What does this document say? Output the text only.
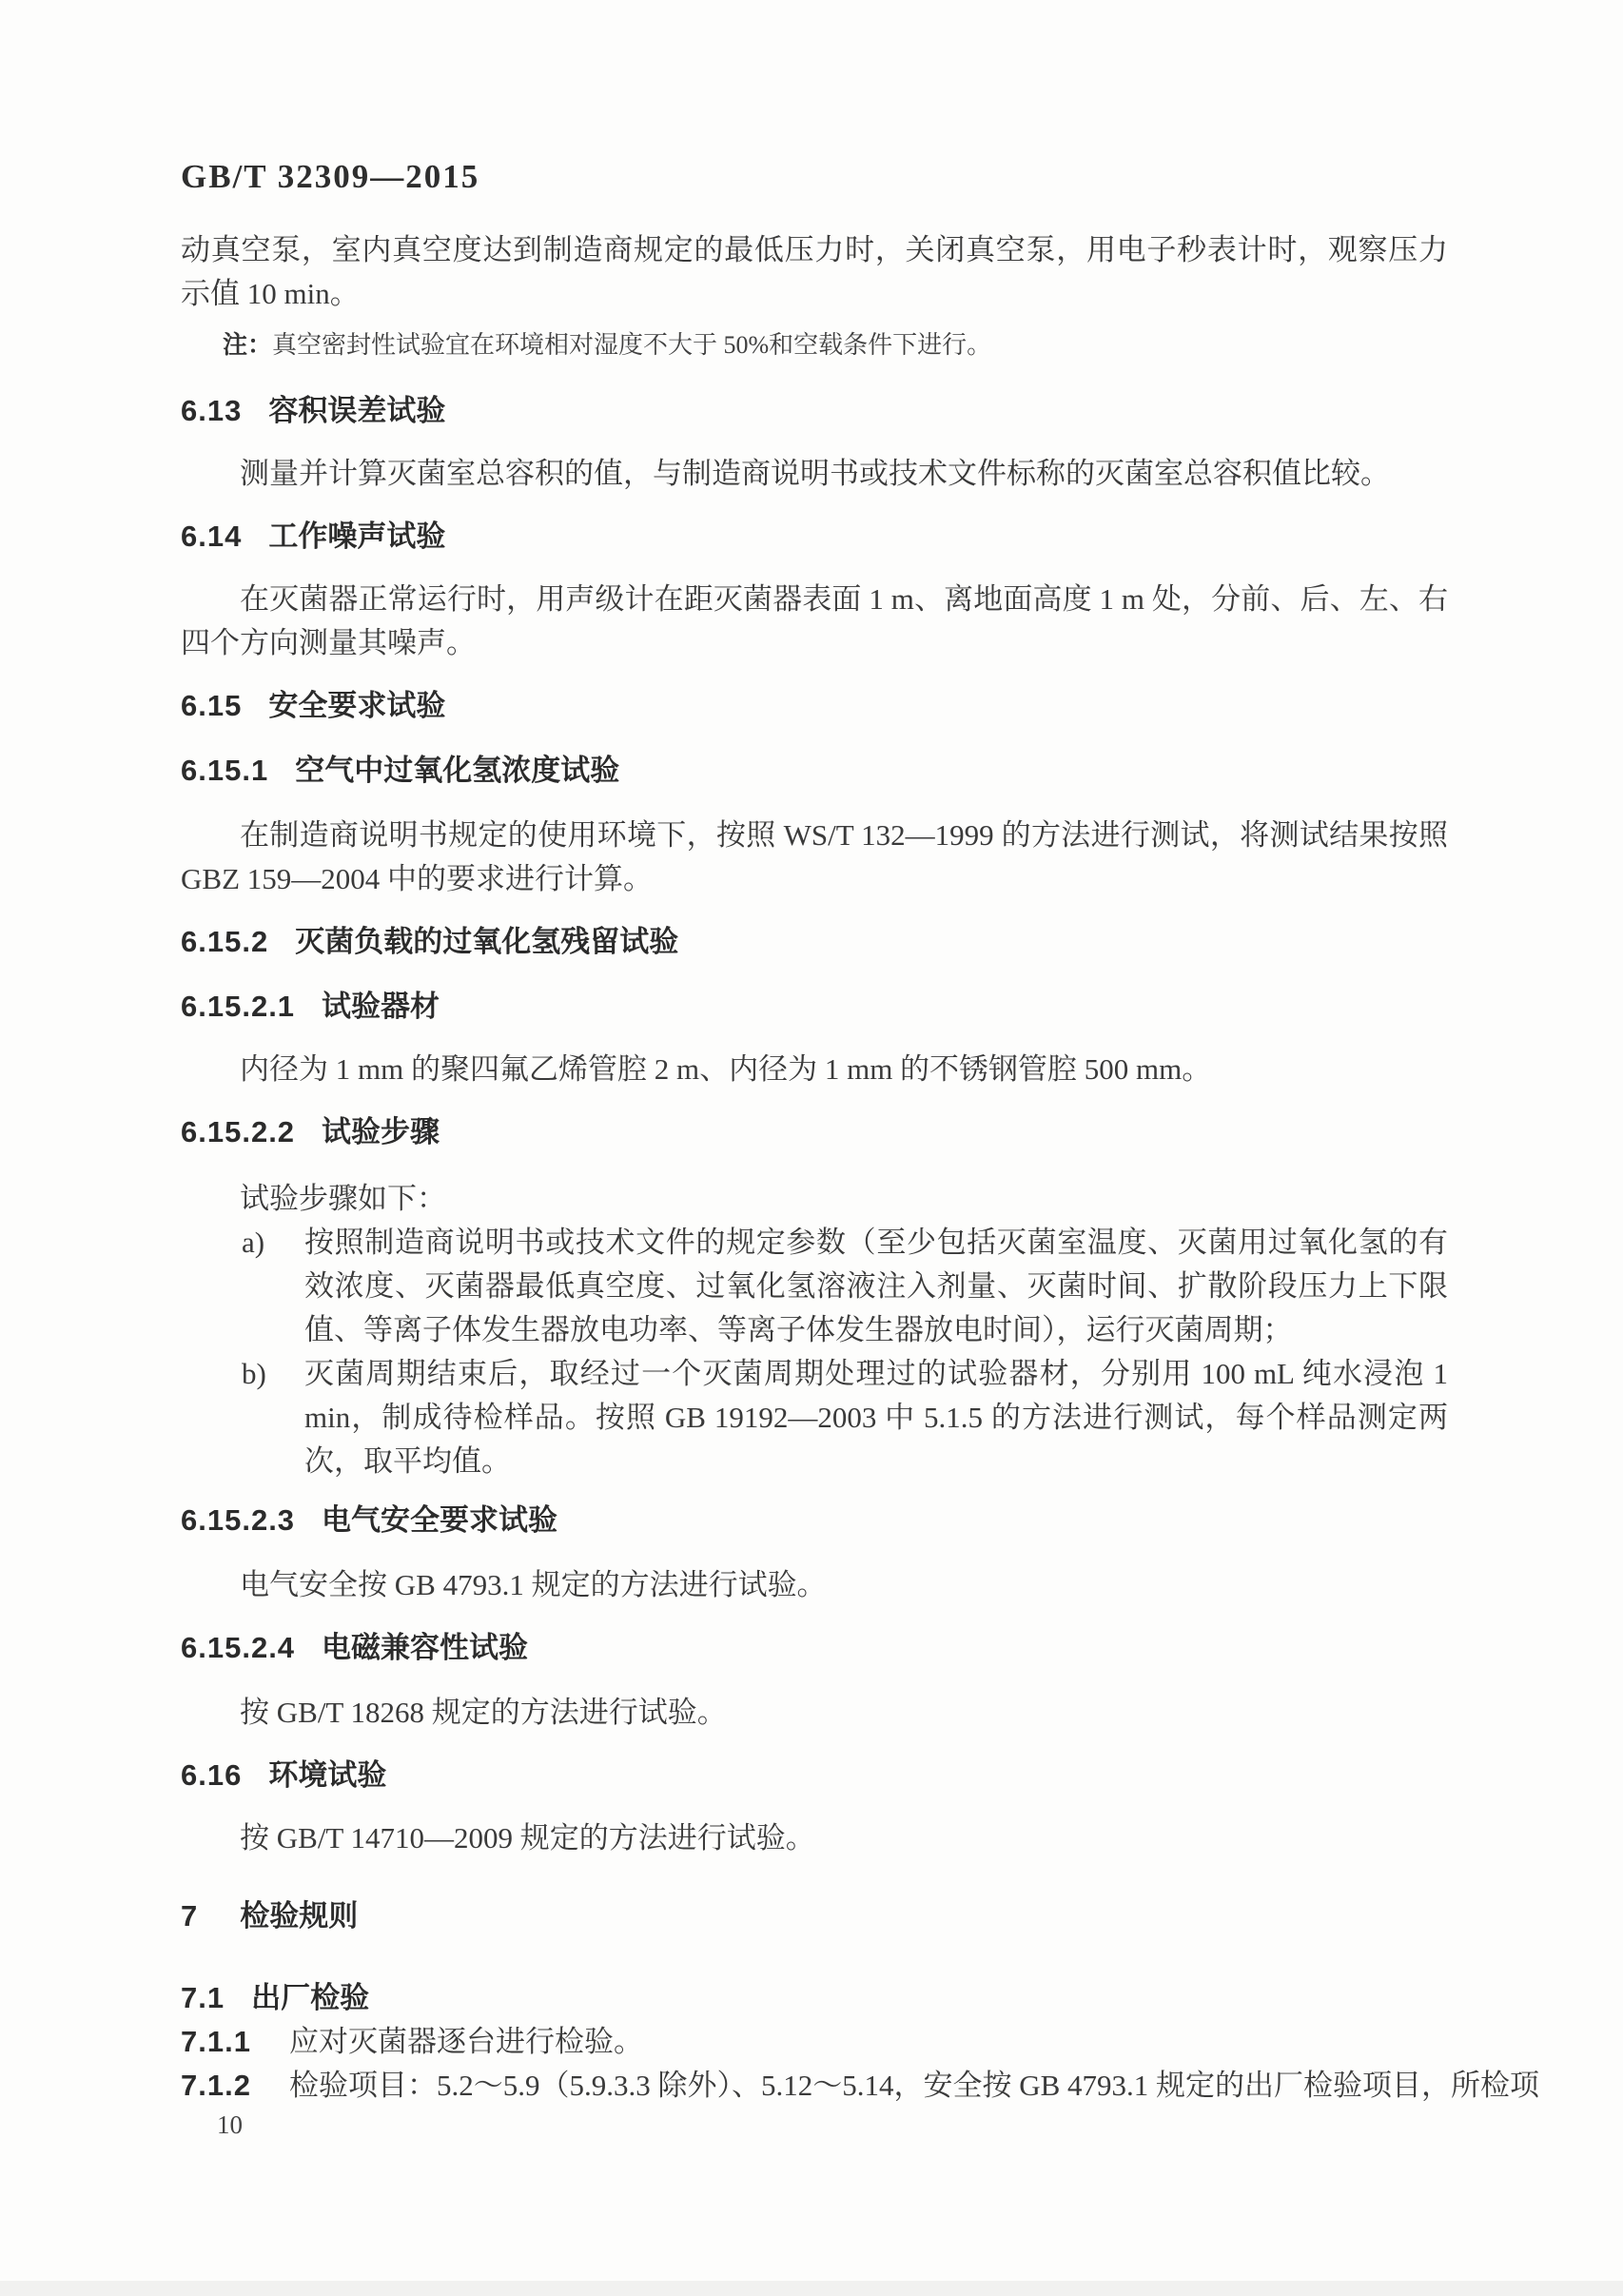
GB/T 32309—2015

动真空泵，室内真空度达到制造商规定的最低压力时，关闭真空泵，用电子秒表计时，观察压力示值 10 min。

注：真空密封性试验宜在环境相对湿度不大于 50%和空载条件下进行。

6.13 容积误差试验

测量并计算灭菌室总容积的值，与制造商说明书或技术文件标称的灭菌室总容积值比较。

6.14 工作噪声试验

在灭菌器正常运行时，用声级计在距灭菌器表面 1 m、离地面高度 1 m 处，分前、后、左、右四个方向测量其噪声。

6.15 安全要求试验
6.15.1 空气中过氧化氢浓度试验

在制造商说明书规定的使用环境下，按照 WS/T 132—1999 的方法进行测试，将测试结果按照 GBZ 159—2004 中的要求进行计算。

6.15.2 灭菌负载的过氧化氢残留试验
6.15.2.1 试验器材

内径为 1 mm 的聚四氟乙烯管腔 2 m、内径为 1 mm 的不锈钢管腔 500 mm。

6.15.2.2 试验步骤

试验步骤如下：

a) 按照制造商说明书或技术文件的规定参数（至少包括灭菌室温度、灭菌用过氧化氢的有效浓度、灭菌器最低真空度、过氧化氢溶液注入剂量、灭菌时间、扩散阶段压力上下限值、等离子体发生器放电功率、等离子体发生器放电时间），运行灭菌周期；
b) 灭菌周期结束后，取经过一个灭菌周期处理过的试验器材，分别用 100 mL 纯水浸泡 1 min，制成待检样品。按照 GB 19192—2003 中 5.1.5 的方法进行测试，每个样品测定两次，取平均值。
6.15.2.3 电气安全要求试验

电气安全按 GB 4793.1 规定的方法进行试验。

6.15.2.4 电磁兼容性试验

按 GB/T 18268 规定的方法进行试验。

6.16 环境试验

按 GB/T 14710—2009 规定的方法进行试验。

7 检验规则
7.1 出厂检验

7.1.1 应对灭菌器逐台进行检验。

7.1.2 检验项目：5.2～5.9（5.9.3.3 除外）、5.12～5.14，安全按 GB 4793.1 规定的出厂检验项目，所检项

10
